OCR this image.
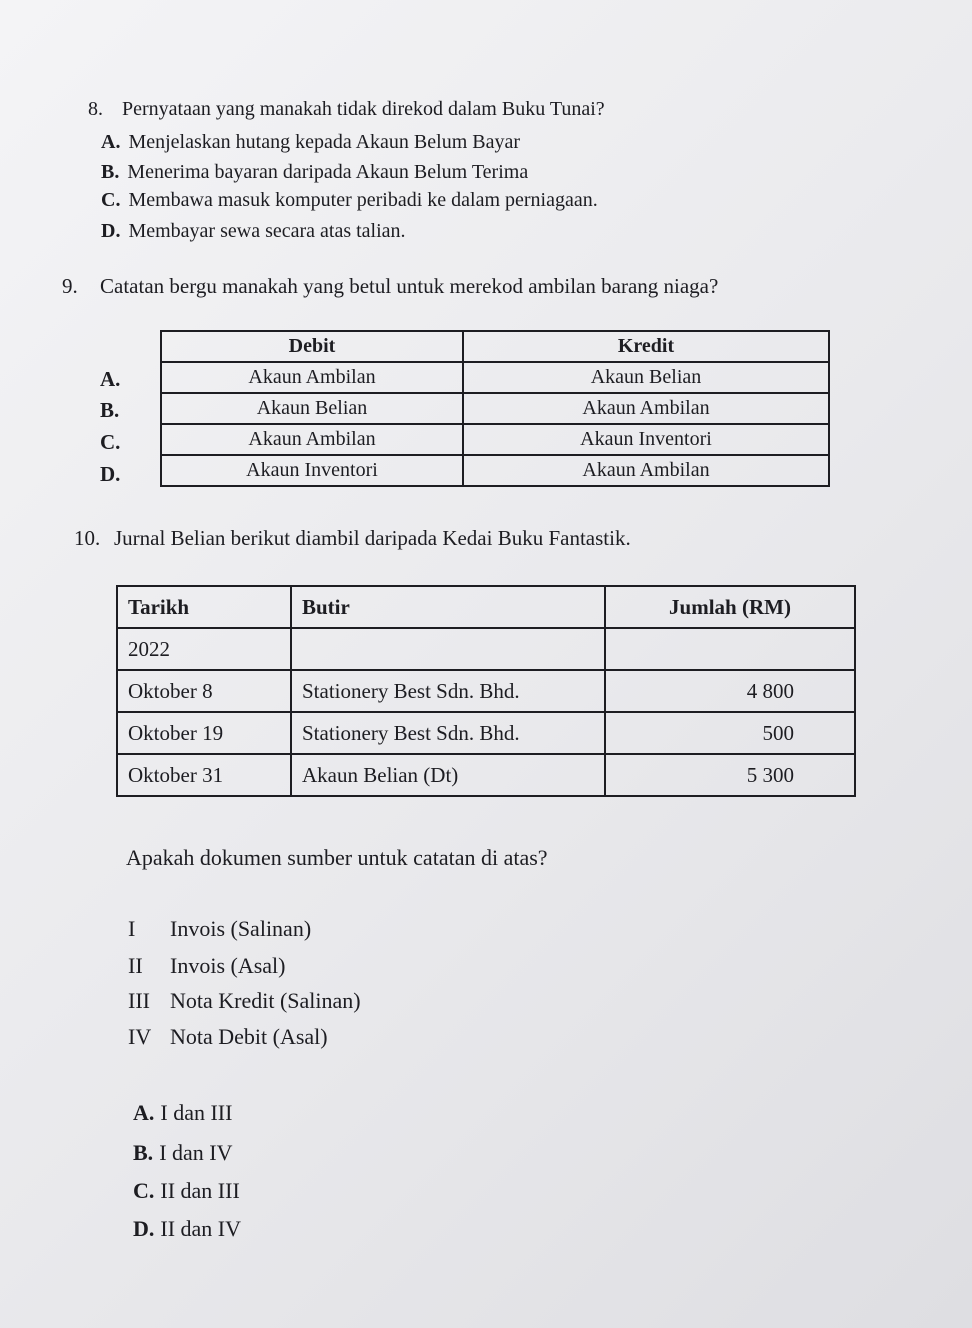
8. Pernyataan yang manakah tidak direkod dalam Buku Tunai?
A. Menjelaskan hutang kepada Akaun Belum Bayar
B. Menerima bayaran daripada Akaun Belum Terima
C. Membawa masuk komputer peribadi ke dalam perniagaan.
D. Membayar sewa secara atas talian.
9. Catatan bergu manakah yang betul untuk merekod ambilan barang niaga?
Debit	Kredit
Akaun Ambilan	Akaun Belian
Akaun Belian	Akaun Ambilan
Akaun Ambilan	Akaun Inventori
Akaun Inventori	Akaun Ambilan
A.
B.
C.
D.
10. Jurnal Belian berikut diambil daripada Kedai Buku Fantastik.
Tarikh	Butir	Jumlah (RM)
2022		
Oktober 8	Stationery Best Sdn. Bhd.	4 800
Oktober 19	Stationery Best Sdn. Bhd.	500
Oktober 31	Akaun Belian (Dt)	5 300
Apakah dokumen sumber untuk catatan di atas?
I Invois (Salinan)
II Invois (Asal)
III Nota Kredit (Salinan)
IV Nota Debit (Asal)
A. I dan III
B. I dan IV
C. II dan III
D. II dan IV
